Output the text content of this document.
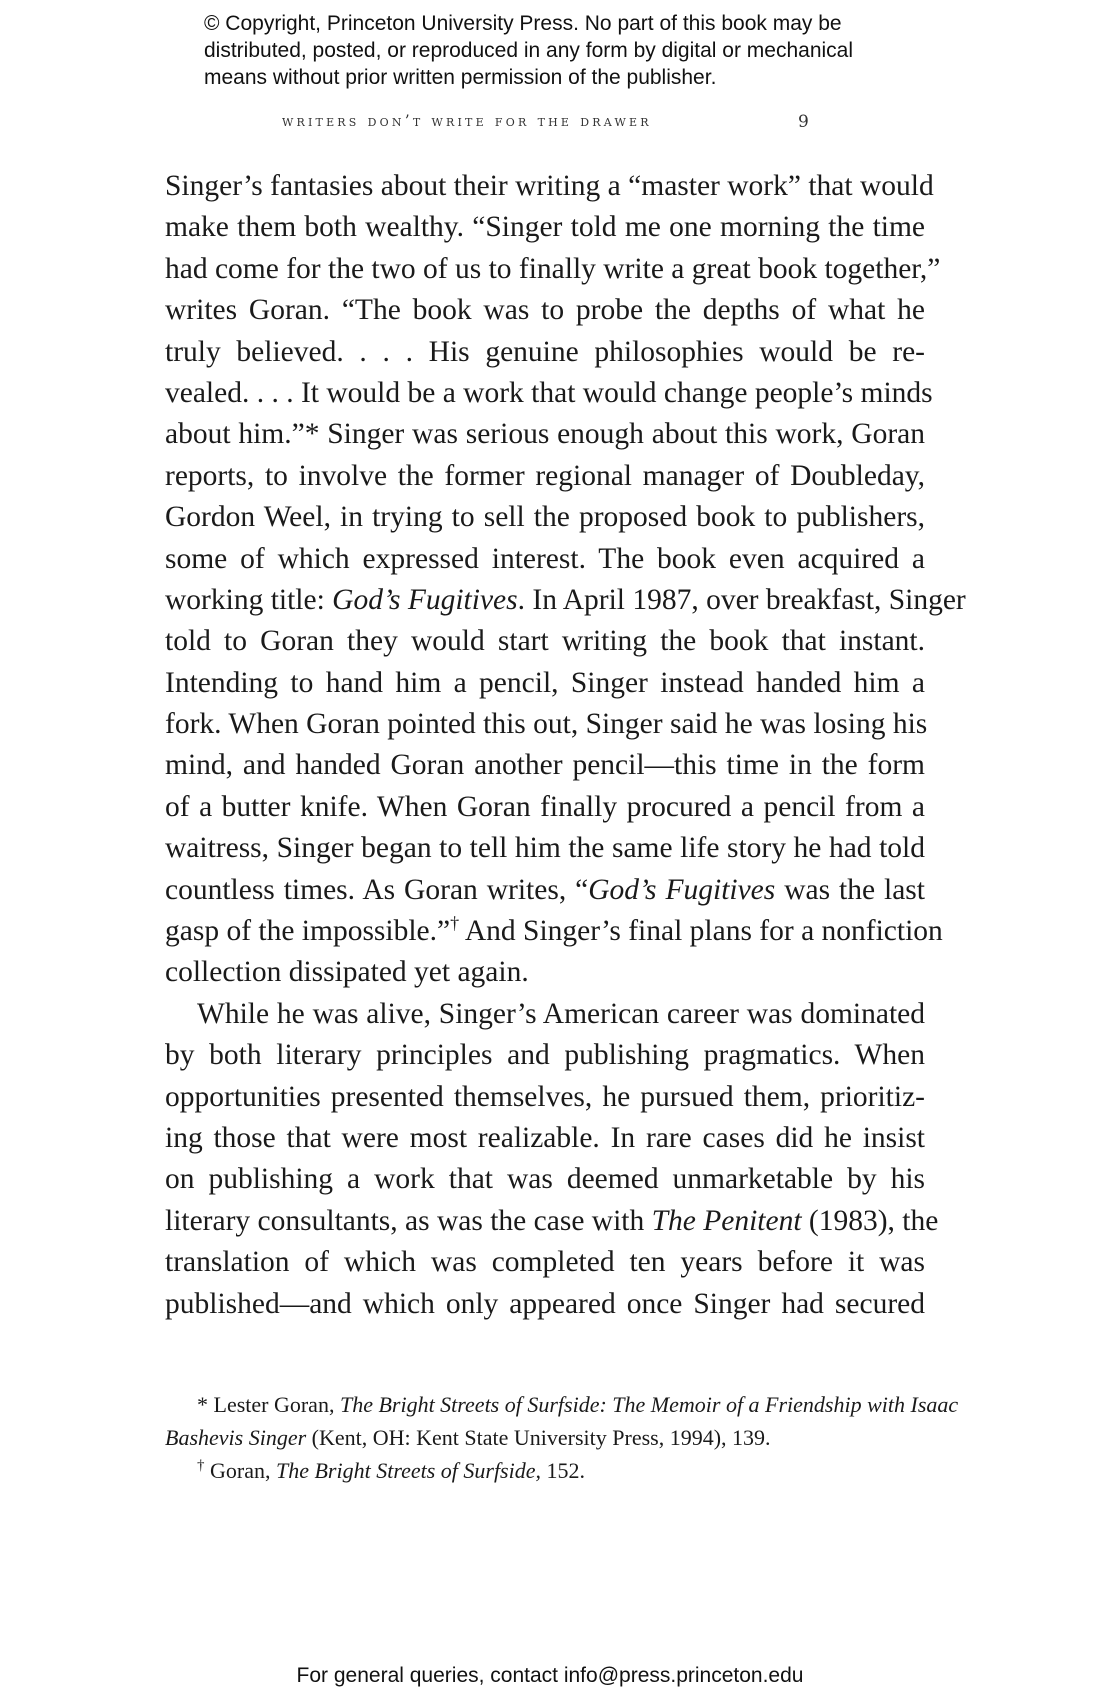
© Copyright, Princeton University Press. No part of this book may be
distributed, posted, or reproduced in any form by digital or mechanical
means without prior written permission of the publisher.
writers don’t write for the drawer	9
Singer’s fantasies about their writing a “master work” that would
make them both wealthy. “Singer told me one morning the time
had come for the two of us to finally write a great book together,”
writes Goran. “The book was to probe the depths of what he
truly believed. . . . His genuine philosophies would be re-
vealed. . . . It would be a work that would change people’s minds
about him.”* Singer was serious enough about this work, Goran
reports, to involve the former regional manager of Doubleday,
Gordon Weel, in trying to sell the proposed book to publishers,
some of which expressed interest. The book even acquired a
working title: God’s Fugitives. In April 1987, over breakfast, Singer
told to Goran they would start writing the book that instant.
Intending to hand him a pencil, Singer instead handed him a
fork. When Goran pointed this out, Singer said he was losing his
mind, and handed Goran another pencil—this time in the form
of a butter knife. When Goran finally procured a pencil from a
waitress, Singer began to tell him the same life story he had told
countless times. As Goran writes, “God’s Fugitives was the last
gasp of the impossible.”† And Singer’s final plans for a nonfiction
collection dissipated yet again.
While he was alive, Singer’s American career was dominated
by both literary principles and publishing pragmatics. When
opportunities presented themselves, he pursued them, prioritiz-
ing those that were most realizable. In rare cases did he insist
on publishing a work that was deemed unmarketable by his
literary consultants, as was the case with The Penitent (1983), the
translation of which was completed ten years before it was
published—and which only appeared once Singer had secured
* Lester Goran, The Bright Streets of Surfside: The Memoir of a Friendship with Isaac
Bashevis Singer (Kent, OH: Kent State University Press, 1994), 139.
† Goran, The Bright Streets of Surfside, 152.
For general queries, contact info@press.princeton.edu
